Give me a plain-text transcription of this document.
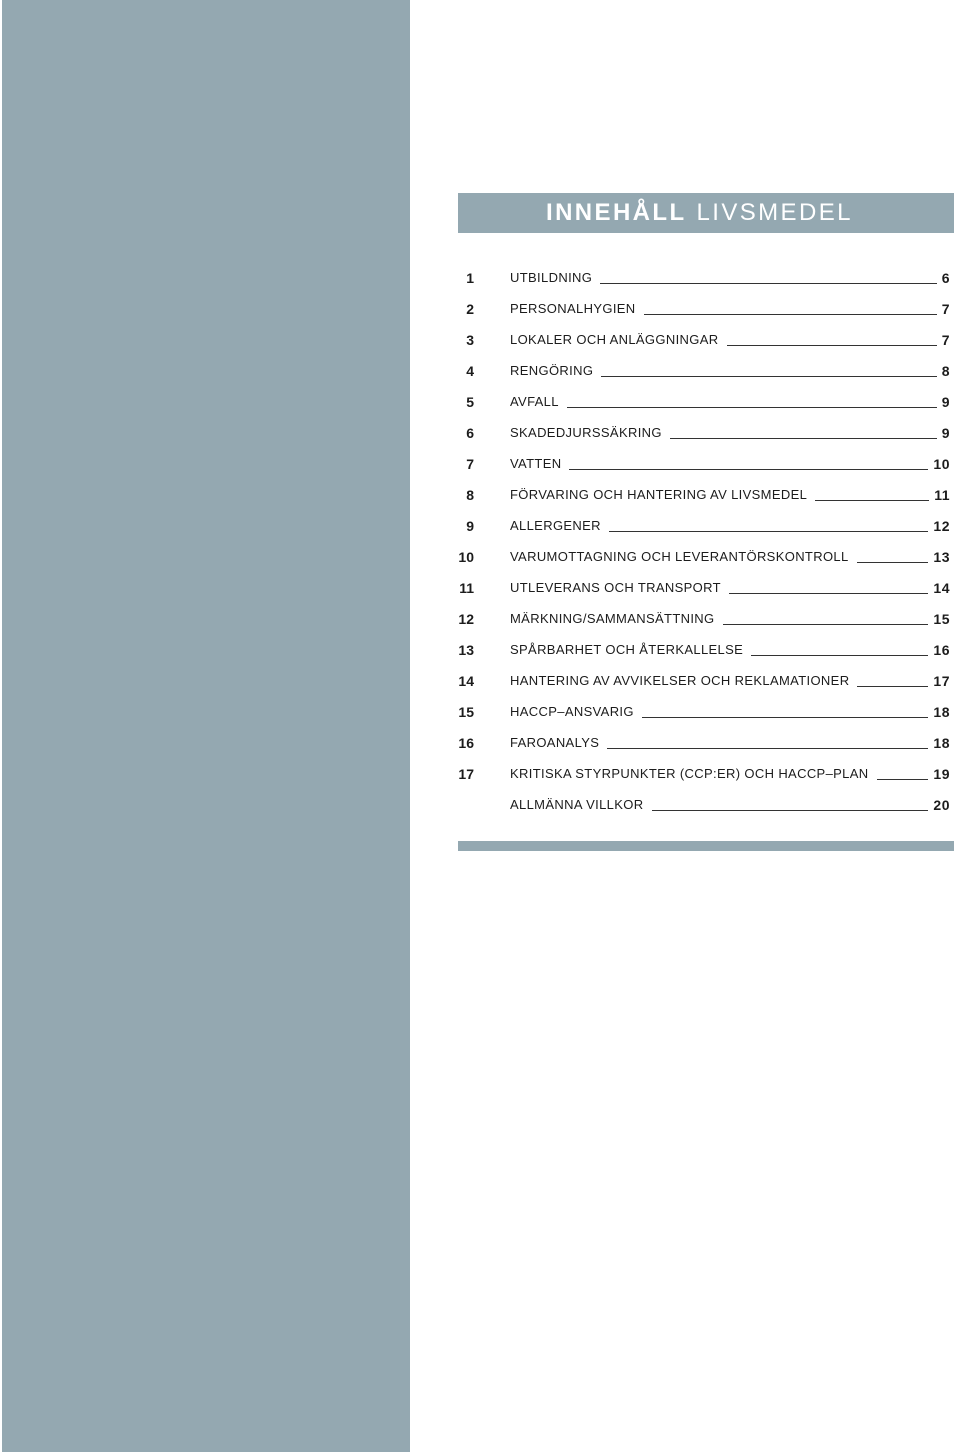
INNEHÅLL LIVSMEDEL
1	UTBILDNING	6
2	PERSONALHYGIEN	7
3	LOKALER OCH ANLÄGGNINGAR	7
4	RENGÖRING	8
5	AVFALL	9
6	SKADEDJURSSÄKRING	9
7	VATTEN	10
8	FÖRVARING OCH HANTERING AV LIVSMEDEL	11
9	ALLERGENER	12
10	VARUMOTTAGNING OCH LEVERANTÖRSKONTROLL	13
11	UTLEVERANS OCH TRANSPORT	14
12	MÄRKNING/SAMMANSÄTTNING	15
13	SPÅRBARHET OCH ÅTERKALLELSE	16
14	HANTERING AV AVVIKELSER OCH REKLAMATIONER	17
15	HACCP–ANSVARIG	18
16	FAROANALYS	18
17	KRITISKA STYRPUNKTER (CCP:ER) OCH HACCP–PLAN	19
ALLMÄNNA VILLKOR	20
